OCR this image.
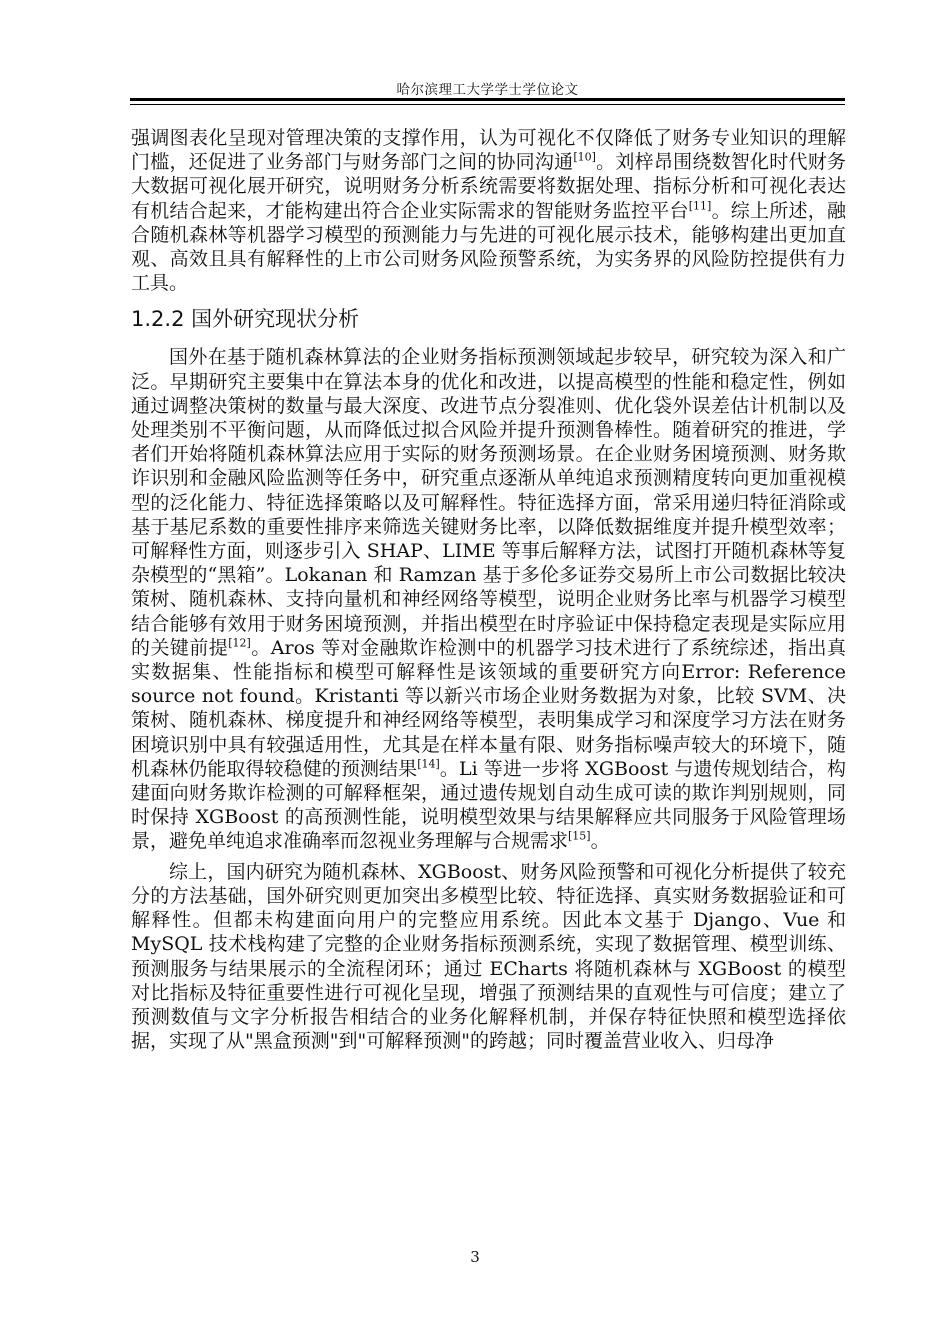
哈尔滨理工大学学士学位论文

强调图表化呈现对管理决策的支撑作用，认为可视化不仅降低了财务专业知识的理解门槛，还促进了业务部门与财务部门之间的协同沟通[10]。刘梓昂围绕数智化时代财务大数据可视化展开研究，说明财务分析系统需要将数据处理、指标分析和可视化表达有机结合起来，才能构建出符合企业实际需求的智能财务监控平台[11]。综上所述，融合随机森林等机器学习模型的预测能力与先进的可视化展示技术，能够构建出更加直观、高效且具有解释性的上市公司财务风险预警系统，为实务界的风险防控提供有力工具。

1.2.2 国外研究现状分析

国外在基于随机森林算法的企业财务指标预测领域起步较早，研究较为深入和广泛。早期研究主要集中在算法本身的优化和改进，以提高模型的性能和稳定性，例如通过调整决策树的数量与最大深度、改进节点分裂准则、优化袋外误差估计机制以及处理类别不平衡问题，从而降低过拟合风险并提升预测鲁棒性。随着研究的推进，学者们开始将随机森林算法应用于实际的财务预测场景。在企业财务困境预测、财务欺诈识别和金融风险监测等任务中，研究重点逐渐从单纯追求预测精度转向更加重视模型的泛化能力、特征选择策略以及可解释性。特征选择方面，常采用递归特征消除或基于基尼系数的重要性排序来筛选关键财务比率，以降低数据维度并提升模型效率；可解释性方面，则逐步引入 SHAP、LIME 等事后解释方法，试图打开随机森林等复杂模型的“黑箱”。Lokanan 和 Ramzan 基于多伦多证券交易所上市公司数据比较决策树、随机森林、支持向量机和神经网络等模型，说明企业财务比率与机器学习模型结合能够有效用于财务困境预测，并指出模型在时序验证中保持稳定表现是实际应用的关键前提[12]。Aros 等对金融欺诈检测中的机器学习技术进行了系统综述，指出真实数据集、性能指标和模型可解释性是该领域的重要研究方向Error: Reference source not found。Kristanti 等以新兴市场企业财务数据为对象，比较 SVM、决策树、随机森林、梯度提升和神经网络等模型，表明集成学习和深度学习方法在财务困境识别中具有较强适用性，尤其是在样本量有限、财务指标噪声较大的环境下，随机森林仍能取得较稳健的预测结果[14]。Li 等进一步将 XGBoost 与遗传规划结合，构建面向财务欺诈检测的可解释框架，通过遗传规划自动生成可读的欺诈判别规则，同时保持 XGBoost 的高预测性能，说明模型效果与结果解释应共同服务于风险管理场景，避免单纯追求准确率而忽视业务理解与合规需求[15]。

综上，国内研究为随机森林、XGBoost、财务风险预警和可视化分析提供了较充分的方法基础，国外研究则更加突出多模型比较、特征选择、真实财务数据验证和可解释性。但都未构建面向用户的完整应用系统。因此本文基于 Django、Vue 和 MySQL 技术栈构建了完整的企业财务指标预测系统，实现了数据管理、模型训练、预测服务与结果展示的全流程闭环；通过 ECharts 将随机森林与 XGBoost 的模型对比指标及特征重要性进行可视化呈现，增强了预测结果的直观性与可信度；建立了预测数值与文字分析报告相结合的业务化解释机制，并保存特征快照和模型选择依据，实现了从"黑盒预测"到"可解释预测"的跨越；同时覆盖营业收入、归母净

3
